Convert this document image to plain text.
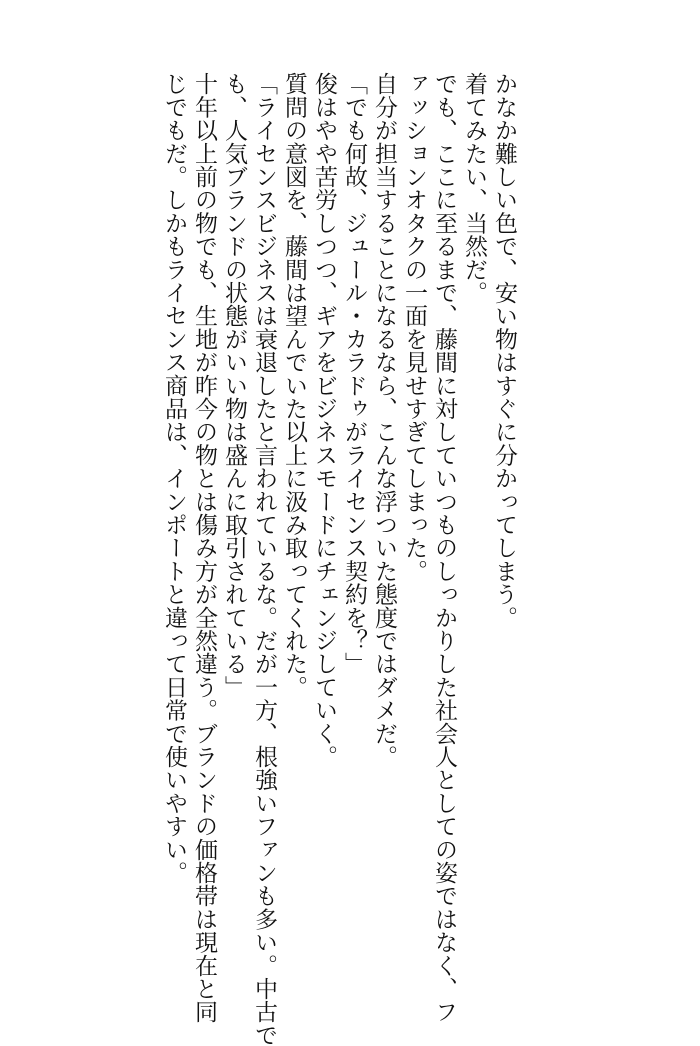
かなか難しい色で、安い物はすぐに分かってしまう。
着てみたい、当然だ。
でも、ここに至るまで、藤間に対していつものしっかりした社会人としての姿ではなく、フ
ァッションオタクの一面を見せすぎてしまった。
自分が担当することになるなら、こんな浮ついた態度ではダメだ。
「でも何故、ジュール・カラドゥがライセンス契約を？」
俊はやや苦労しつつ、ギアをビジネスモードにチェンジしていく。
質問の意図を、藤間は望んでいた以上に汲み取ってくれた。
「ライセンスビジネスは衰退したと言われているな。だが一方、根強いファンも多い。中古で
も、人気ブランドの状態がいい物は盛んに取引されている」
十年以上前の物でも、生地が昨今の物とは傷み方が全然違う。ブランドの価格帯は現在と同
じでもだ。しかもライセンス商品は、インポートと違って日常で使いやすい。
